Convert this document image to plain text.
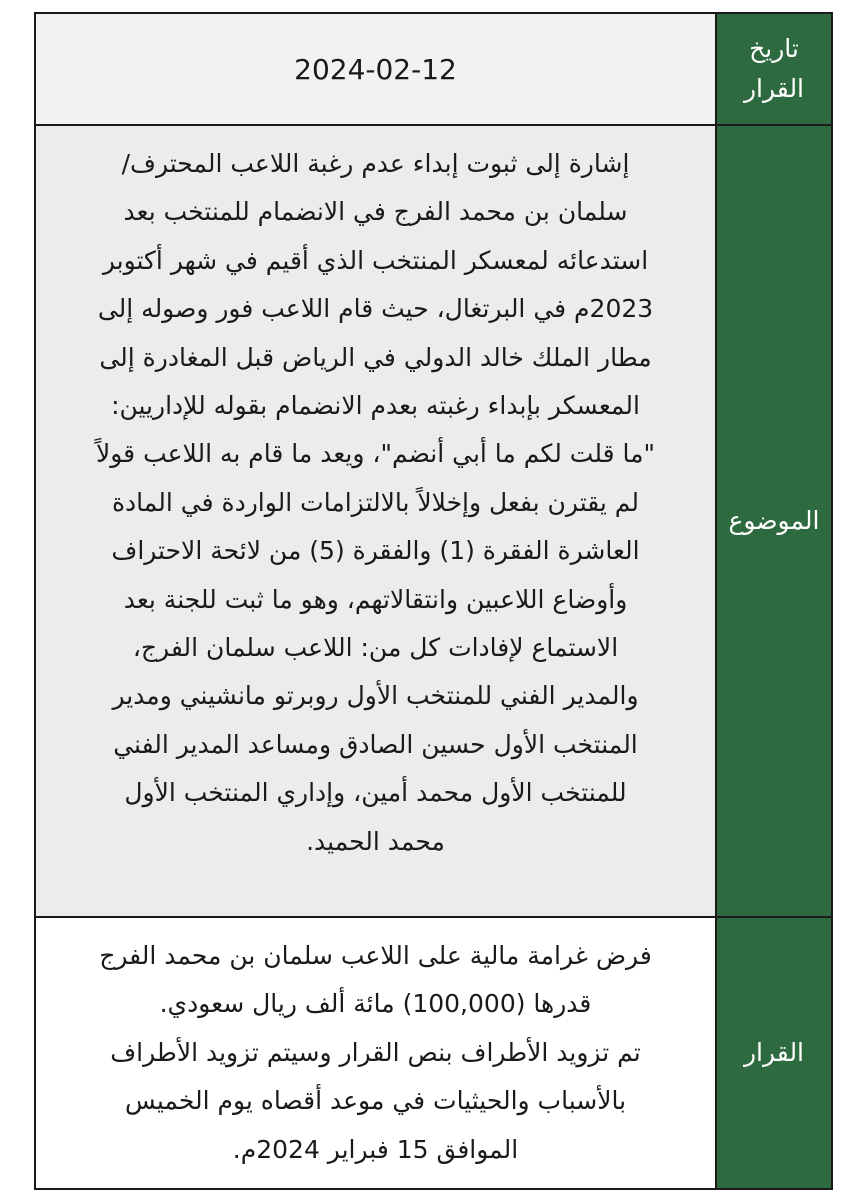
2024-02-12
تاريخ
القرار
إشارة إلى ثبوت إبداء عدم رغبة اللاعب المحترف/
سلمان بن محمد الفرج في الانضمام للمنتخب بعد
استدعائه لمعسكر المنتخب الذي أقيم في شهر أكتوبر
2023م في البرتغال، حيث قام اللاعب فور وصوله إلى
مطار الملك خالد الدولي في الرياض قبل المغادرة إلى
المعسكر بإبداء رغبته بعدم الانضمام بقوله للإداريين:
"ما قلت لكم ما أبي أنضم"، ويعد ما قام به اللاعب قولاً
لم يقترن بفعل وإخلالاً بالالتزامات الواردة في المادة
العاشرة الفقرة (1) والفقرة (5) من لائحة الاحتراف
وأوضاع اللاعبين وانتقالاتهم، وهو ما ثبت للجنة بعد
الاستماع لإفادات كل من: اللاعب سلمان الفرج،
والمدير الفني للمنتخب الأول روبرتو مانشيني ومدير
المنتخب الأول حسين الصادق ومساعد المدير الفني
للمنتخب الأول محمد أمين، وإداري المنتخب الأول
محمد الحميد.
الموضوع
فرض غرامة مالية على اللاعب سلمان بن محمد الفرج
قدرها (100,000) مائة ألف ريال سعودي.
تم تزويد الأطراف بنص القرار وسيتم تزويد الأطراف
بالأسباب والحيثيات في موعد أقصاه يوم الخميس
الموافق 15 فبراير 2024م.
القرار
